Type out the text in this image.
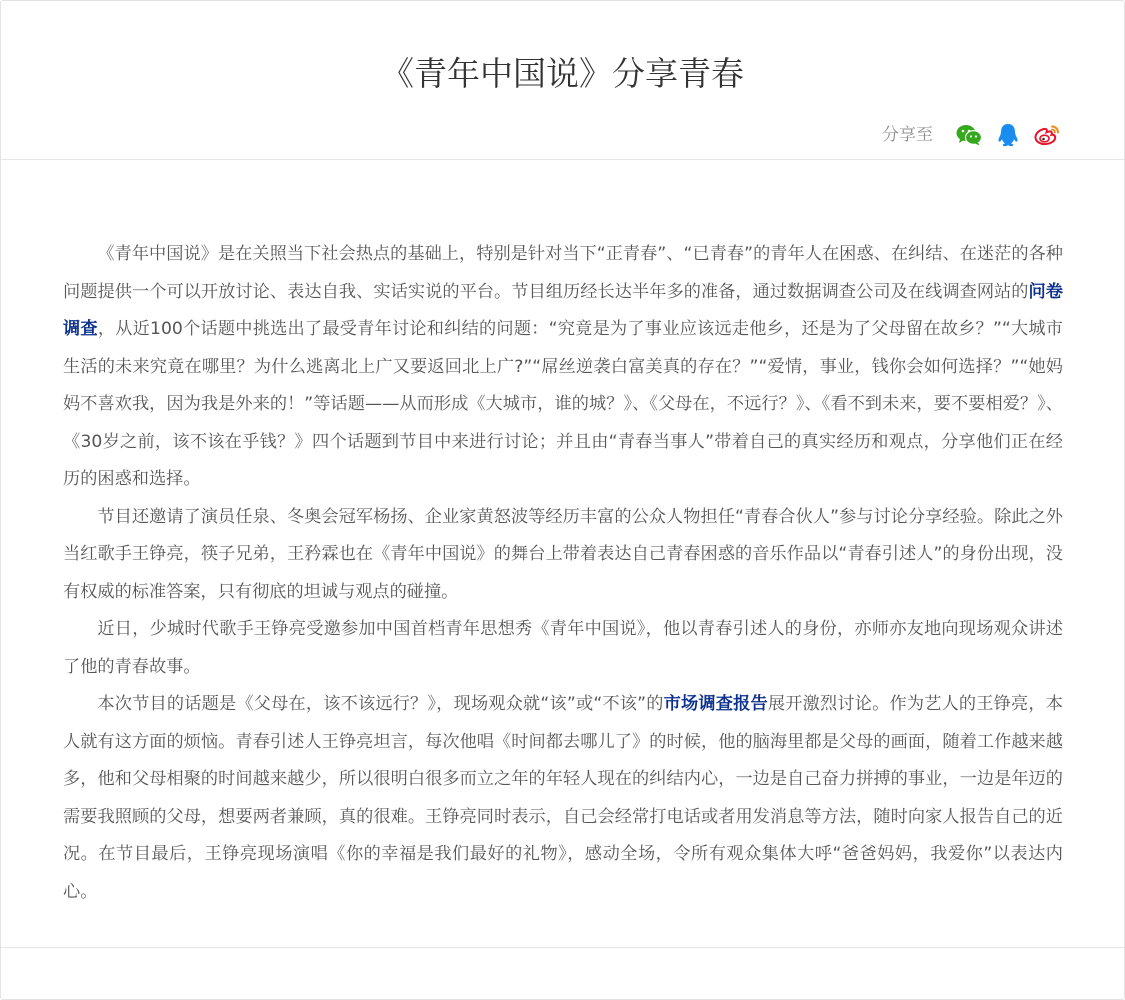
《青年中国说》分享青春
分享至

《青年中国说》是在关照当下社会热点的基础上，特别是针对当下“正青春”、“已青春”的青年人在困惑、在纠结、在迷茫的各种问题提供一个可以开放讨论、表达自我、实话实说的平台。节目组历经长达半年多的准备，通过数据调查公司及在线调查网站的问卷调查，从近100个话题中挑选出了最受青年讨论和纠结的问题：“究竟是为了事业应该远走他乡，还是为了父母留在故乡？”“大城市生活的未来究竟在哪里？为什么逃离北上广又要返回北上广?”“屌丝逆袭白富美真的存在？”“爱情，事业，钱你会如何选择？”“她妈妈不喜欢我，因为我是外来的！”等话题——从而形成《大城市，谁的城？》、《父母在，不远行？》、《看不到未来，要不要相爱？》、《30岁之前，该不该在乎钱？》四个话题到节目中来进行讨论；并且由“青春当事人”带着自己的真实经历和观点，分享他们正在经历的困惑和选择。

节目还邀请了演员任泉、冬奥会冠军杨扬、企业家黄怒波等经历丰富的公众人物担任“青春合伙人”参与讨论分享经验。除此之外当红歌手王铮亮，筷子兄弟，王矜霖也在《青年中国说》的舞台上带着表达自己青春困惑的音乐作品以“青春引述人”的身份出现，没有权威的标准答案，只有彻底的坦诚与观点的碰撞。

近日，少城时代歌手王铮亮受邀参加中国首档青年思想秀《青年中国说》，他以青春引述人的身份，亦师亦友地向现场观众讲述了他的青春故事。

本次节目的话题是《父母在，该不该远行？》，现场观众就“该”或“不该”的市场调查报告展开激烈讨论。作为艺人的王铮亮，本人就有这方面的烦恼。青春引述人王铮亮坦言，每次他唱《时间都去哪儿了》的时候，他的脑海里都是父母的画面，随着工作越来越多，他和父母相聚的时间越来越少，所以很明白很多而立之年的年轻人现在的纠结内心，一边是自己奋力拼搏的事业，一边是年迈的需要我照顾的父母，想要两者兼顾，真的很难。王铮亮同时表示，自己会经常打电话或者用发消息等方法，随时向家人报告自己的近况。在节目最后，王铮亮现场演唱《你的幸福是我们最好的礼物》，感动全场，令所有观众集体大呼“爸爸妈妈，我爱你”以表达内心。
